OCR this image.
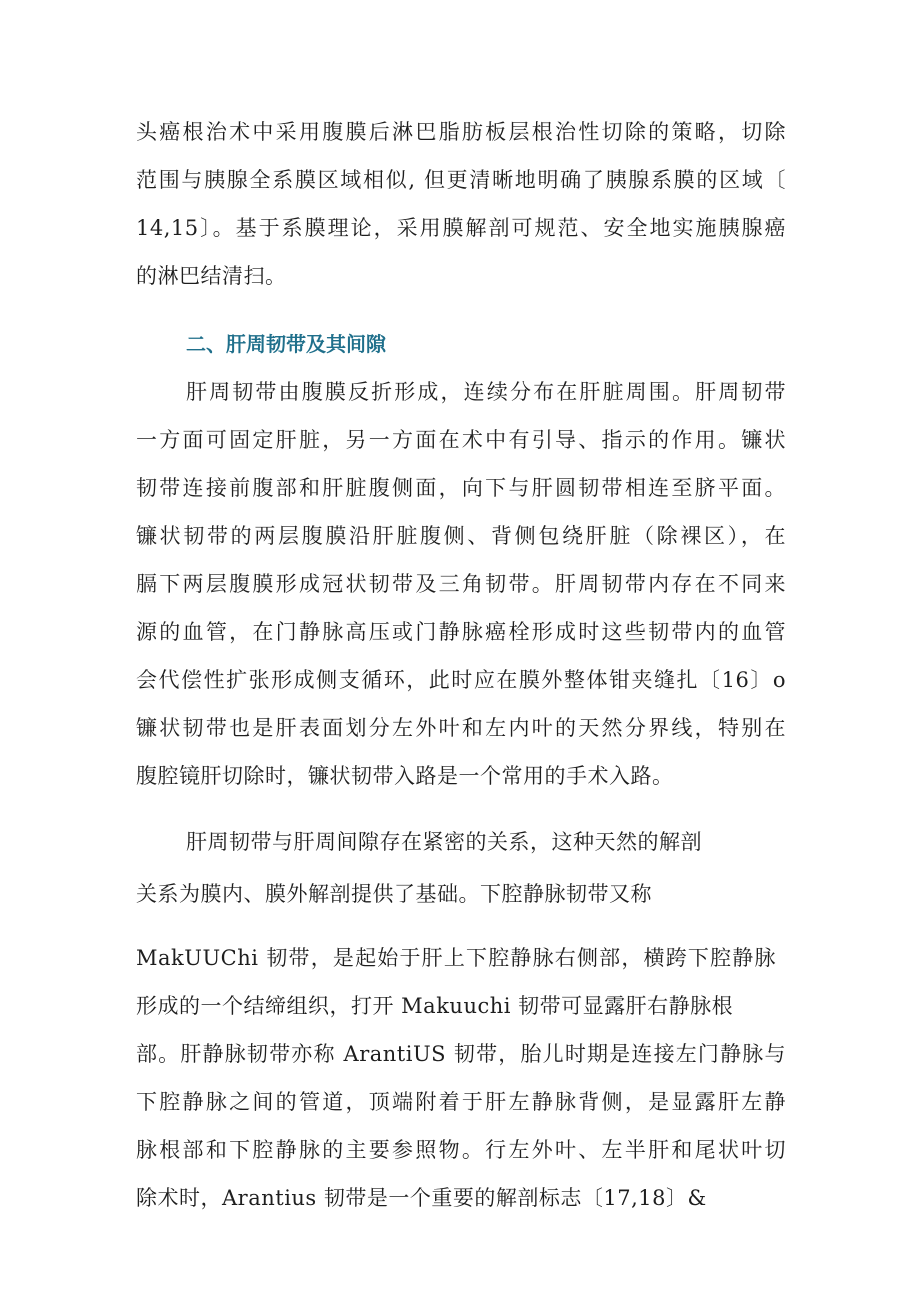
头癌根治术中采用腹膜后淋巴脂肪板层根治性切除的策略，切除
范围与胰腺全系膜区域相似, 但更清晰地明确了胰腺系膜的区域〔
14,15〕。基于系膜理论，采用膜解剖可规范、安全地实施胰腺癌
的淋巴结清扫。
二、肝周韧带及其间隙
肝周韧带由腹膜反折形成，连续分布在肝脏周围。肝周韧带
一方面可固定肝脏，另一方面在术中有引导、指示的作用。镰状
韧带连接前腹部和肝脏腹侧面，向下与肝圆韧带相连至脐平面。
镰状韧带的两层腹膜沿肝脏腹侧、背侧包绕肝脏（除裸区），在
膈下两层腹膜形成冠状韧带及三角韧带。肝周韧带内存在不同来
源的血管，在门静脉高压或门静脉癌栓形成时这些韧带内的血管
会代偿性扩张形成侧支循环，此时应在膜外整体钳夹缝扎〔16〕o
镰状韧带也是肝表面划分左外叶和左内叶的天然分界线，特别在
腹腔镜肝切除时，镰状韧带入路是一个常用的手术入路。
肝周韧带与肝周间隙存在紧密的关系，这种天然的解剖
关系为膜内、膜外解剖提供了基础。下腔静脉韧带又称
MakUUChi 韧带，是起始于肝上下腔静脉右侧部，横跨下腔静脉
形成的一个结缔组织，打开 Makuuchi 韧带可显露肝右静脉根
部。肝静脉韧带亦称 ArantiUS 韧带，胎儿时期是连接左门静脉与
下腔静脉之间的管道，顶端附着于肝左静脉背侧，是显露肝左静
脉根部和下腔静脉的主要参照物。行左外叶、左半肝和尾状叶切
除术时，Arantius 韧带是一个重要的解剖标志〔17,18〕&
